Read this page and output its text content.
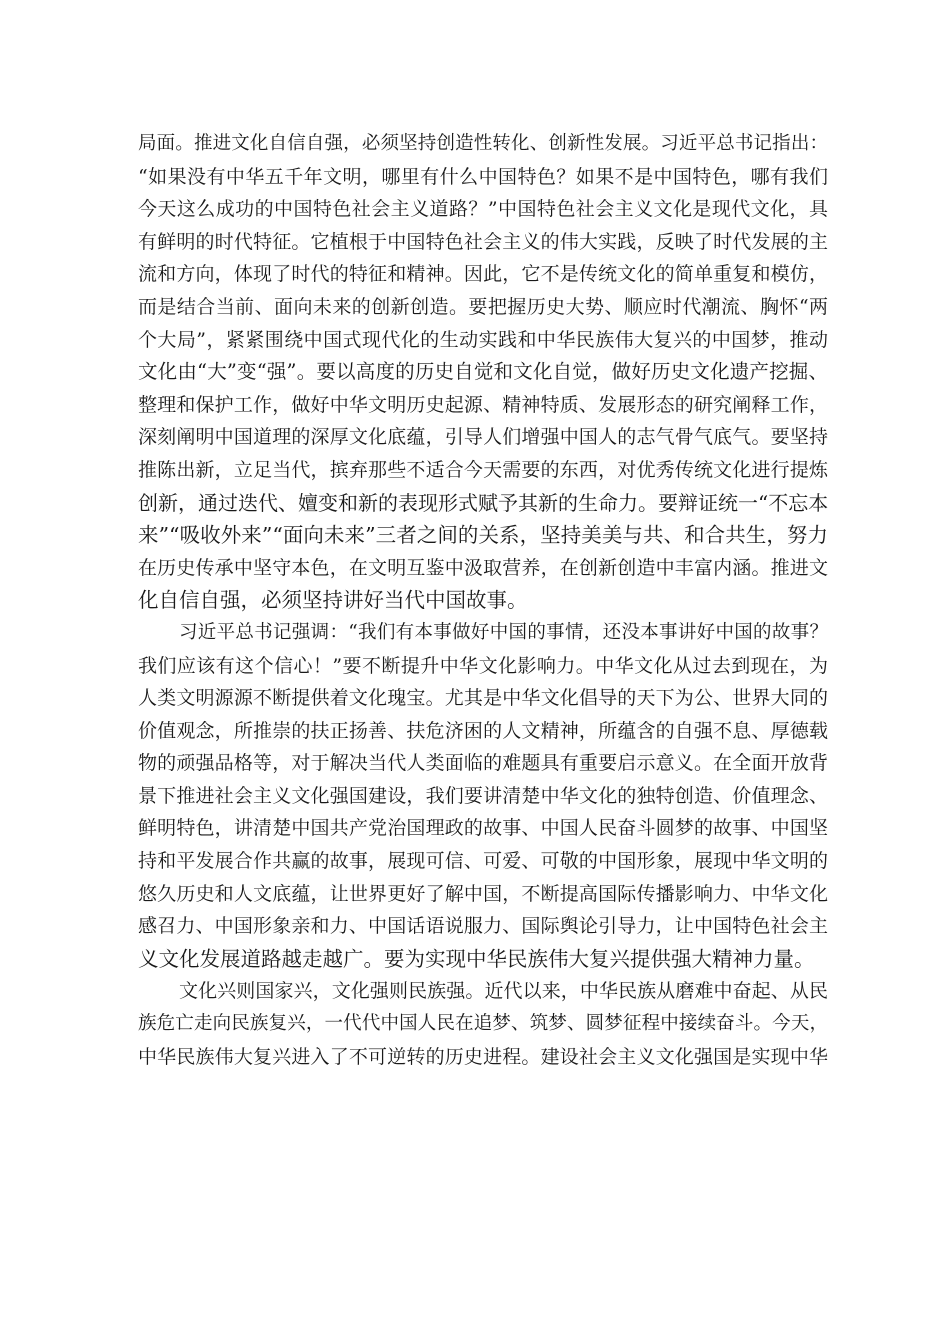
局面。推进文化自信自强，必须坚持创造性转化、创新性发展。习近平总书记指出：
“如果没有中华五千年文明，哪里有什么中国特色？如果不是中国特色，哪有我们
今天这么成功的中国特色社会主义道路？”中国特色社会主义文化是现代文化，具
有鲜明的时代特征。它植根于中国特色社会主义的伟大实践，反映了时代发展的主
流和方向，体现了时代的特征和精神。因此，它不是传统文化的简单重复和模仿，
而是结合当前、面向未来的创新创造。要把握历史大势、顺应时代潮流、胸怀“两
个大局”，紧紧围绕中国式现代化的生动实践和中华民族伟大复兴的中国梦，推动
文化由“大”变“强”。要以高度的历史自觉和文化自觉，做好历史文化遗产挖掘、
整理和保护工作，做好中华文明历史起源、精神特质、发展形态的研究阐释工作，
深刻阐明中国道理的深厚文化底蕴，引导人们增强中国人的志气骨气底气。要坚持
推陈出新，立足当代，摈弃那些不适合今天需要的东西，对优秀传统文化进行提炼
创新，通过迭代、嬗变和新的表现形式赋予其新的生命力。要辩证统一“不忘本
来”“吸收外来”“面向未来”三者之间的关系，坚持美美与共、和合共生，努力
在历史传承中坚守本色，在文明互鉴中汲取营养，在创新创造中丰富内涵。推进文
化自信自强，必须坚持讲好当代中国故事。
习近平总书记强调：“我们有本事做好中国的事情，还没本事讲好中国的故事？
我们应该有这个信心！”要不断提升中华文化影响力。中华文化从过去到现在，为
人类文明源源不断提供着文化瑰宝。尤其是中华文化倡导的天下为公、世界大同的
价值观念，所推崇的扶正扬善、扶危济困的人文精神，所蕴含的自强不息、厚德载
物的顽强品格等，对于解决当代人类面临的难题具有重要启示意义。在全面开放背
景下推进社会主义文化强国建设，我们要讲清楚中华文化的独特创造、价值理念、
鲜明特色，讲清楚中国共产党治国理政的故事、中国人民奋斗圆梦的故事、中国坚
持和平发展合作共赢的故事，展现可信、可爱、可敬的中国形象，展现中华文明的
悠久历史和人文底蕴，让世界更好了解中国，不断提高国际传播影响力、中华文化
感召力、中国形象亲和力、中国话语说服力、国际舆论引导力，让中国特色社会主
义文化发展道路越走越广。要为实现中华民族伟大复兴提供强大精神力量。
文化兴则国家兴，文化强则民族强。近代以来，中华民族从磨难中奋起、从民
族危亡走向民族复兴，一代代中国人民在追梦、筑梦、圆梦征程中接续奋斗。今天，
中华民族伟大复兴进入了不可逆转的历史进程。建设社会主义文化强国是实现中华
